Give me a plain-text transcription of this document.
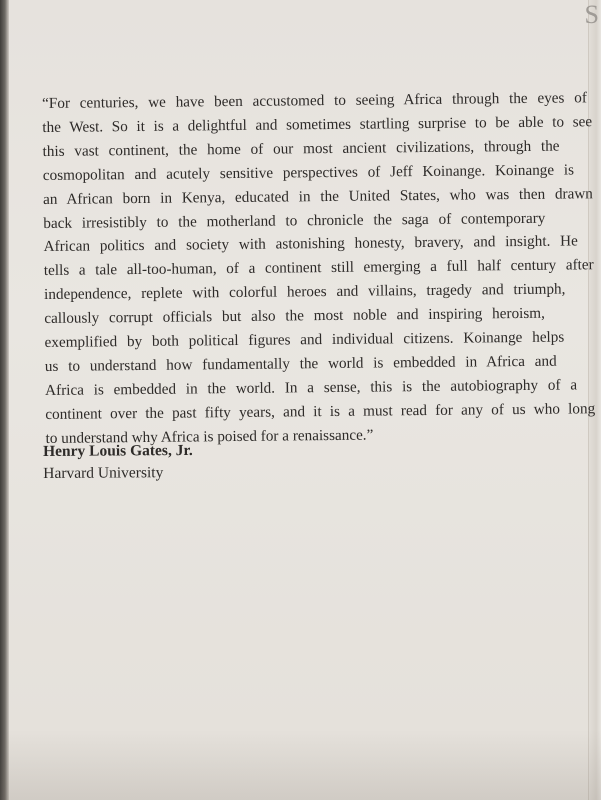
S
“For centuries, we have been accustomed to seeing Africa through the eyes of
the West. So it is a delightful and sometimes startling surprise to be able to see
this vast continent, the home of our most ancient civilizations, through the
cosmopolitan and acutely sensitive perspectives of Jeff Koinange. Koinange is
an African born in Kenya, educated in the United States, who was then drawn
back irresistibly to the motherland to chronicle the saga of contemporary
African politics and society with astonishing honesty, bravery, and insight. He
tells a tale all-too-human, of a continent still emerging a full half century after
independence, replete with colorful heroes and villains, tragedy and triumph,
callously corrupt officials but also the most noble and inspiring heroism,
exemplified by both political figures and individual citizens. Koinange helps
us to understand how fundamentally the world is embedded in Africa and
Africa is embedded in the world. In a sense, this is the autobiography of a
continent over the past fifty years, and it is a must read for any of us who long
to understand why Africa is poised for a renaissance.”
Henry Louis Gates, Jr.
Harvard University
